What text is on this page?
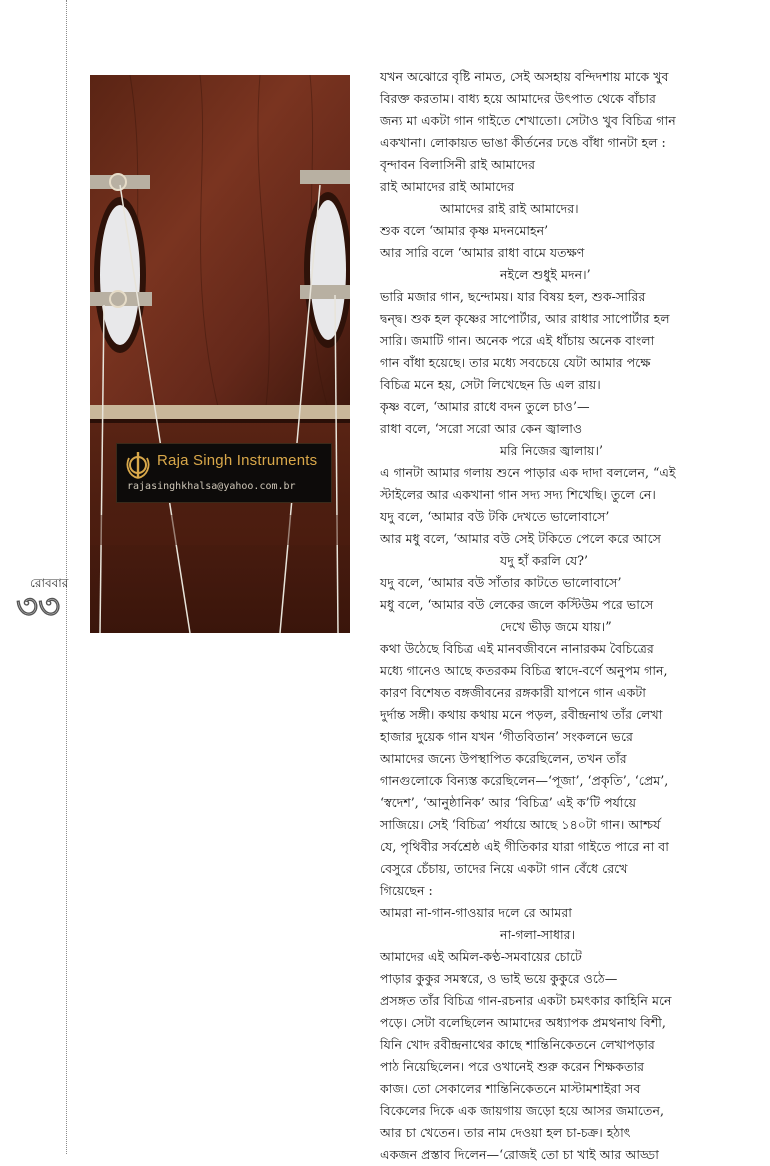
রোববার
৩৩
Raja Singh Instruments
rajasinghkhalsa@yahoo.com.br
যখন অঝোরে বৃষ্টি নামত, সেই অসহায় বন্দিদশায় মাকে খুব
বিরক্ত করতাম। বাধ্য হয়ে আমাদের উৎপাত থেকে বাঁচার
জন্য মা একটা গান গাইতে শেখাতো। সেটাও খুব বিচিত্র গান
একখানা। লোকায়ত ভাঙা কীর্তনের ঢঙে বাঁধা গানটা হল :
বৃন্দাবন বিলাসিনী রাই আমাদের
রাই আমাদের রাই আমাদের
আমাদের রাই রাই আমাদের।
শুক বলে ‘আমার কৃষ্ণ মদনমোহন’
আর সারি বলে ‘আমার রাধা বামে যতক্ষণ
নইলে শুধুই মদন।’
ভারি মজার গান, ছন্দোময়। যার বিষয় হল, শুক-সারির
দ্বন্দ্ব। শুক হল কৃষ্ণের সাপোর্টার, আর রাধার সাপোর্টার হল
সারি। জমাটি গান। অনেক পরে এই ধাঁচায় অনেক বাংলা
গান বাঁধা হয়েছে। তার মধ্যে সবচেয়ে যেটা আমার পক্ষে
বিচিত্র মনে হয়, সেটা লিখেছেন ডি এল রায়।
কৃষ্ণ বলে, ‘আমার রাধে বদন তুলে চাও’—
রাধা বলে, ‘সরো সরো আর কেন জ্বালাও
মরি নিজের জ্বালায়।’
এ গানটা আমার গলায় শুনে পাড়ার এক দাদা বললেন, “এই
স্টাইলের আর একখানা গান সদ্য সদ্য শিখেছি। তুলে নে।
যদু বলে, ‘আমার বউ টকি দেখতে ভালোবাসে’
আর মধু বলে, ‘আমার বউ সেই টকিতে পেলে করে আসে
যদু হাঁ করলি যে?’
যদু বলে, ‘আমার বউ সাঁতার কাটতে ভালোবাসে’
মধু বলে, ‘আমার বউ লেকের জলে কস্টিউম পরে ভাসে
দেখে ভীড় জমে যায়।”
কথা উঠেছে বিচিত্র এই মানবজীবনে নানারকম বৈচিত্রের
মধ্যে গানেও আছে কতরকম বিচিত্র স্বাদে-বর্ণে অনুপম গান,
কারণ বিশেষত বঙ্গজীবনের রঙ্গকারী যাপনে গান একটা
দুর্দান্ত সঙ্গী। কথায় কথায় মনে পড়ল, রবীন্দ্রনাথ তাঁর লেখা
হাজার দুয়েক গান যখন ‘গীতবিতান’ সংকলনে ভরে
আমাদের জন্যে উপস্থাপিত করেছিলেন, তখন তাঁর
গানগুলোকে বিন্যস্ত করেছিলেন—‘পূজা’, ‘প্রকৃতি’, ‘প্রেম’,
‘স্বদেশ’, ‘আনুষ্ঠানিক’ আর ‘বিচিত্র’ এই ক’টি পর্যায়ে
সাজিয়ে। সেই ‘বিচিত্র’ পর্যায়ে আছে ১৪০টা গান। আশ্চর্য
যে, পৃথিবীর সর্বশ্রেষ্ঠ এই গীতিকার যারা গাইতে পারে না বা
বেসুরে চেঁচায়, তাদের নিয়ে একটা গান বেঁধে রেখে
গিয়েছেন :
আমরা না-গান-গাওয়ার দলে রে আমরা
না-গলা-সাধার।
আমাদের এই অমিল-কণ্ঠ-সমবায়ের চোটে
পাড়ার কুকুর সমস্বরে, ও ভাই ভয়ে কুকুরে ওঠে—
প্রসঙ্গত তাঁর বিচিত্র গান-রচনার একটা চমৎকার কাহিনি মনে
পড়ে। সেটা বলেছিলেন আমাদের অধ্যাপক প্রমথনাথ বিশী,
যিনি খোদ রবীন্দ্রনাথের কাছে শান্তিনিকেতনে লেখাপড়ার
পাঠ নিয়েছিলেন। পরে ওখানেই শুরু করেন শিক্ষকতার
কাজ। তো সেকালের শান্তিনিকেতনে মাস্টামশাইরা সব
বিকেলের দিকে এক জায়গায় জড়ো হয়ে আসর জমাতেন,
আর চা খেতেন। তার নাম দেওয়া হল চা-চক্র। হঠাৎ
একজন প্রস্তাব দিলেন—‘রোজই তো চা খাই আর আড্ডা
